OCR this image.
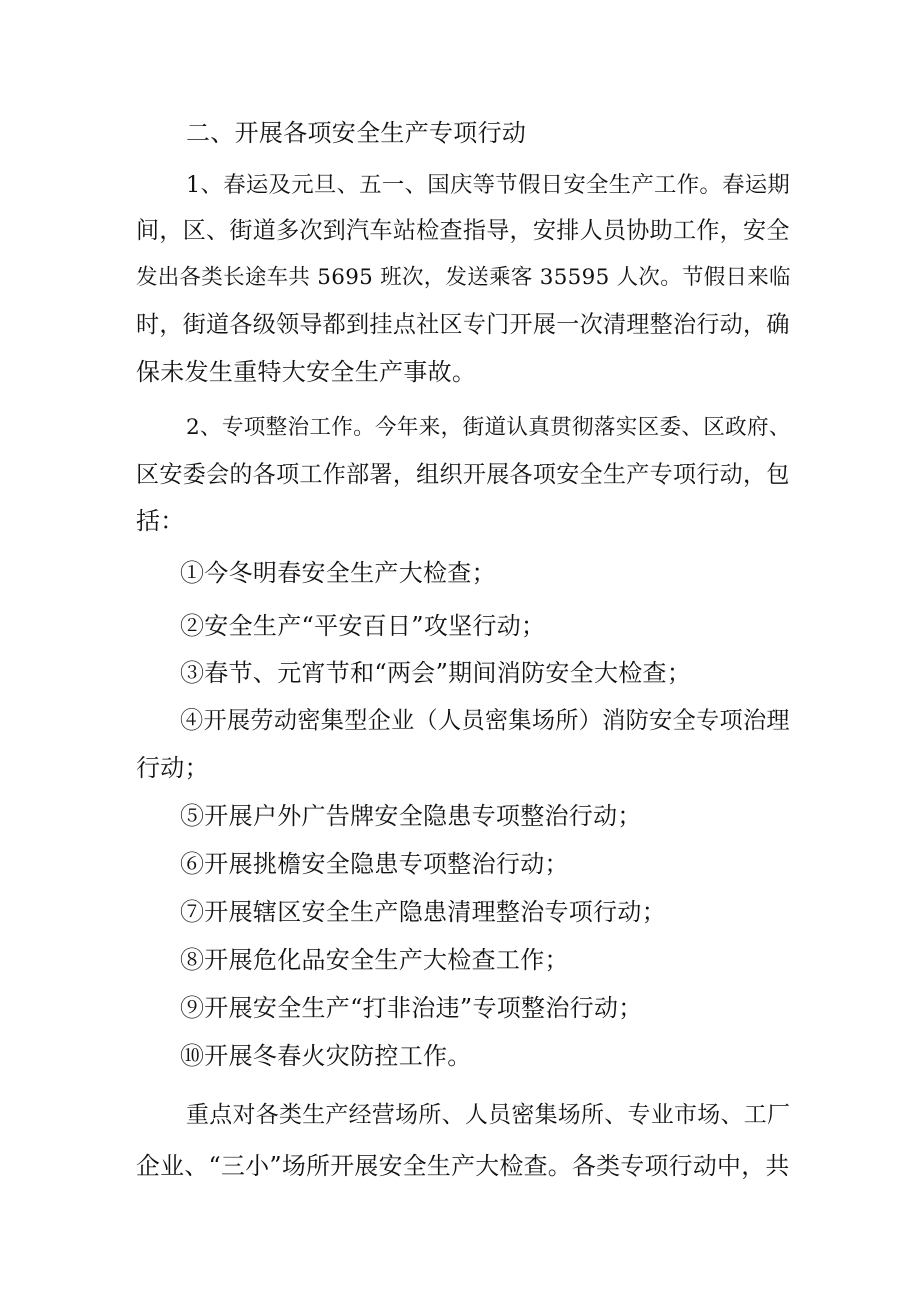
二、开展各项安全生产专项行动
1、春运及元旦、五一、国庆等节假日安全生产工作。春运期
间，区、街道多次到汽车站检查指导，安排人员协助工作，安全
发出各类长途车共 5695 班次，发送乘客 35595 人次。节假日来临
时，街道各级领导都到挂点社区专门开展一次清理整治行动，确
保未发生重特大安全生产事故。
2、专项整治工作。今年来，街道认真贯彻落实区委、区政府、
区安委会的各项工作部署，组织开展各项安全生产专项行动，包
括：
①今冬明春安全生产大检查；
②安全生产“平安百日”攻坚行动；
③春节、元宵节和“两会”期间消防安全大检查；
④开展劳动密集型企业（人员密集场所）消防安全专项治理
行动；
⑤开展户外广告牌安全隐患专项整治行动；
⑥开展挑檐安全隐患专项整治行动；
⑦开展辖区安全生产隐患清理整治专项行动；
⑧开展危化品安全生产大检查工作；
⑨开展安全生产“打非治违”专项整治行动；
⑩开展冬春火灾防控工作。
重点对各类生产经营场所、人员密集场所、专业市场、工厂
企业、“三小”场所开展安全生产大检查。各类专项行动中，共
